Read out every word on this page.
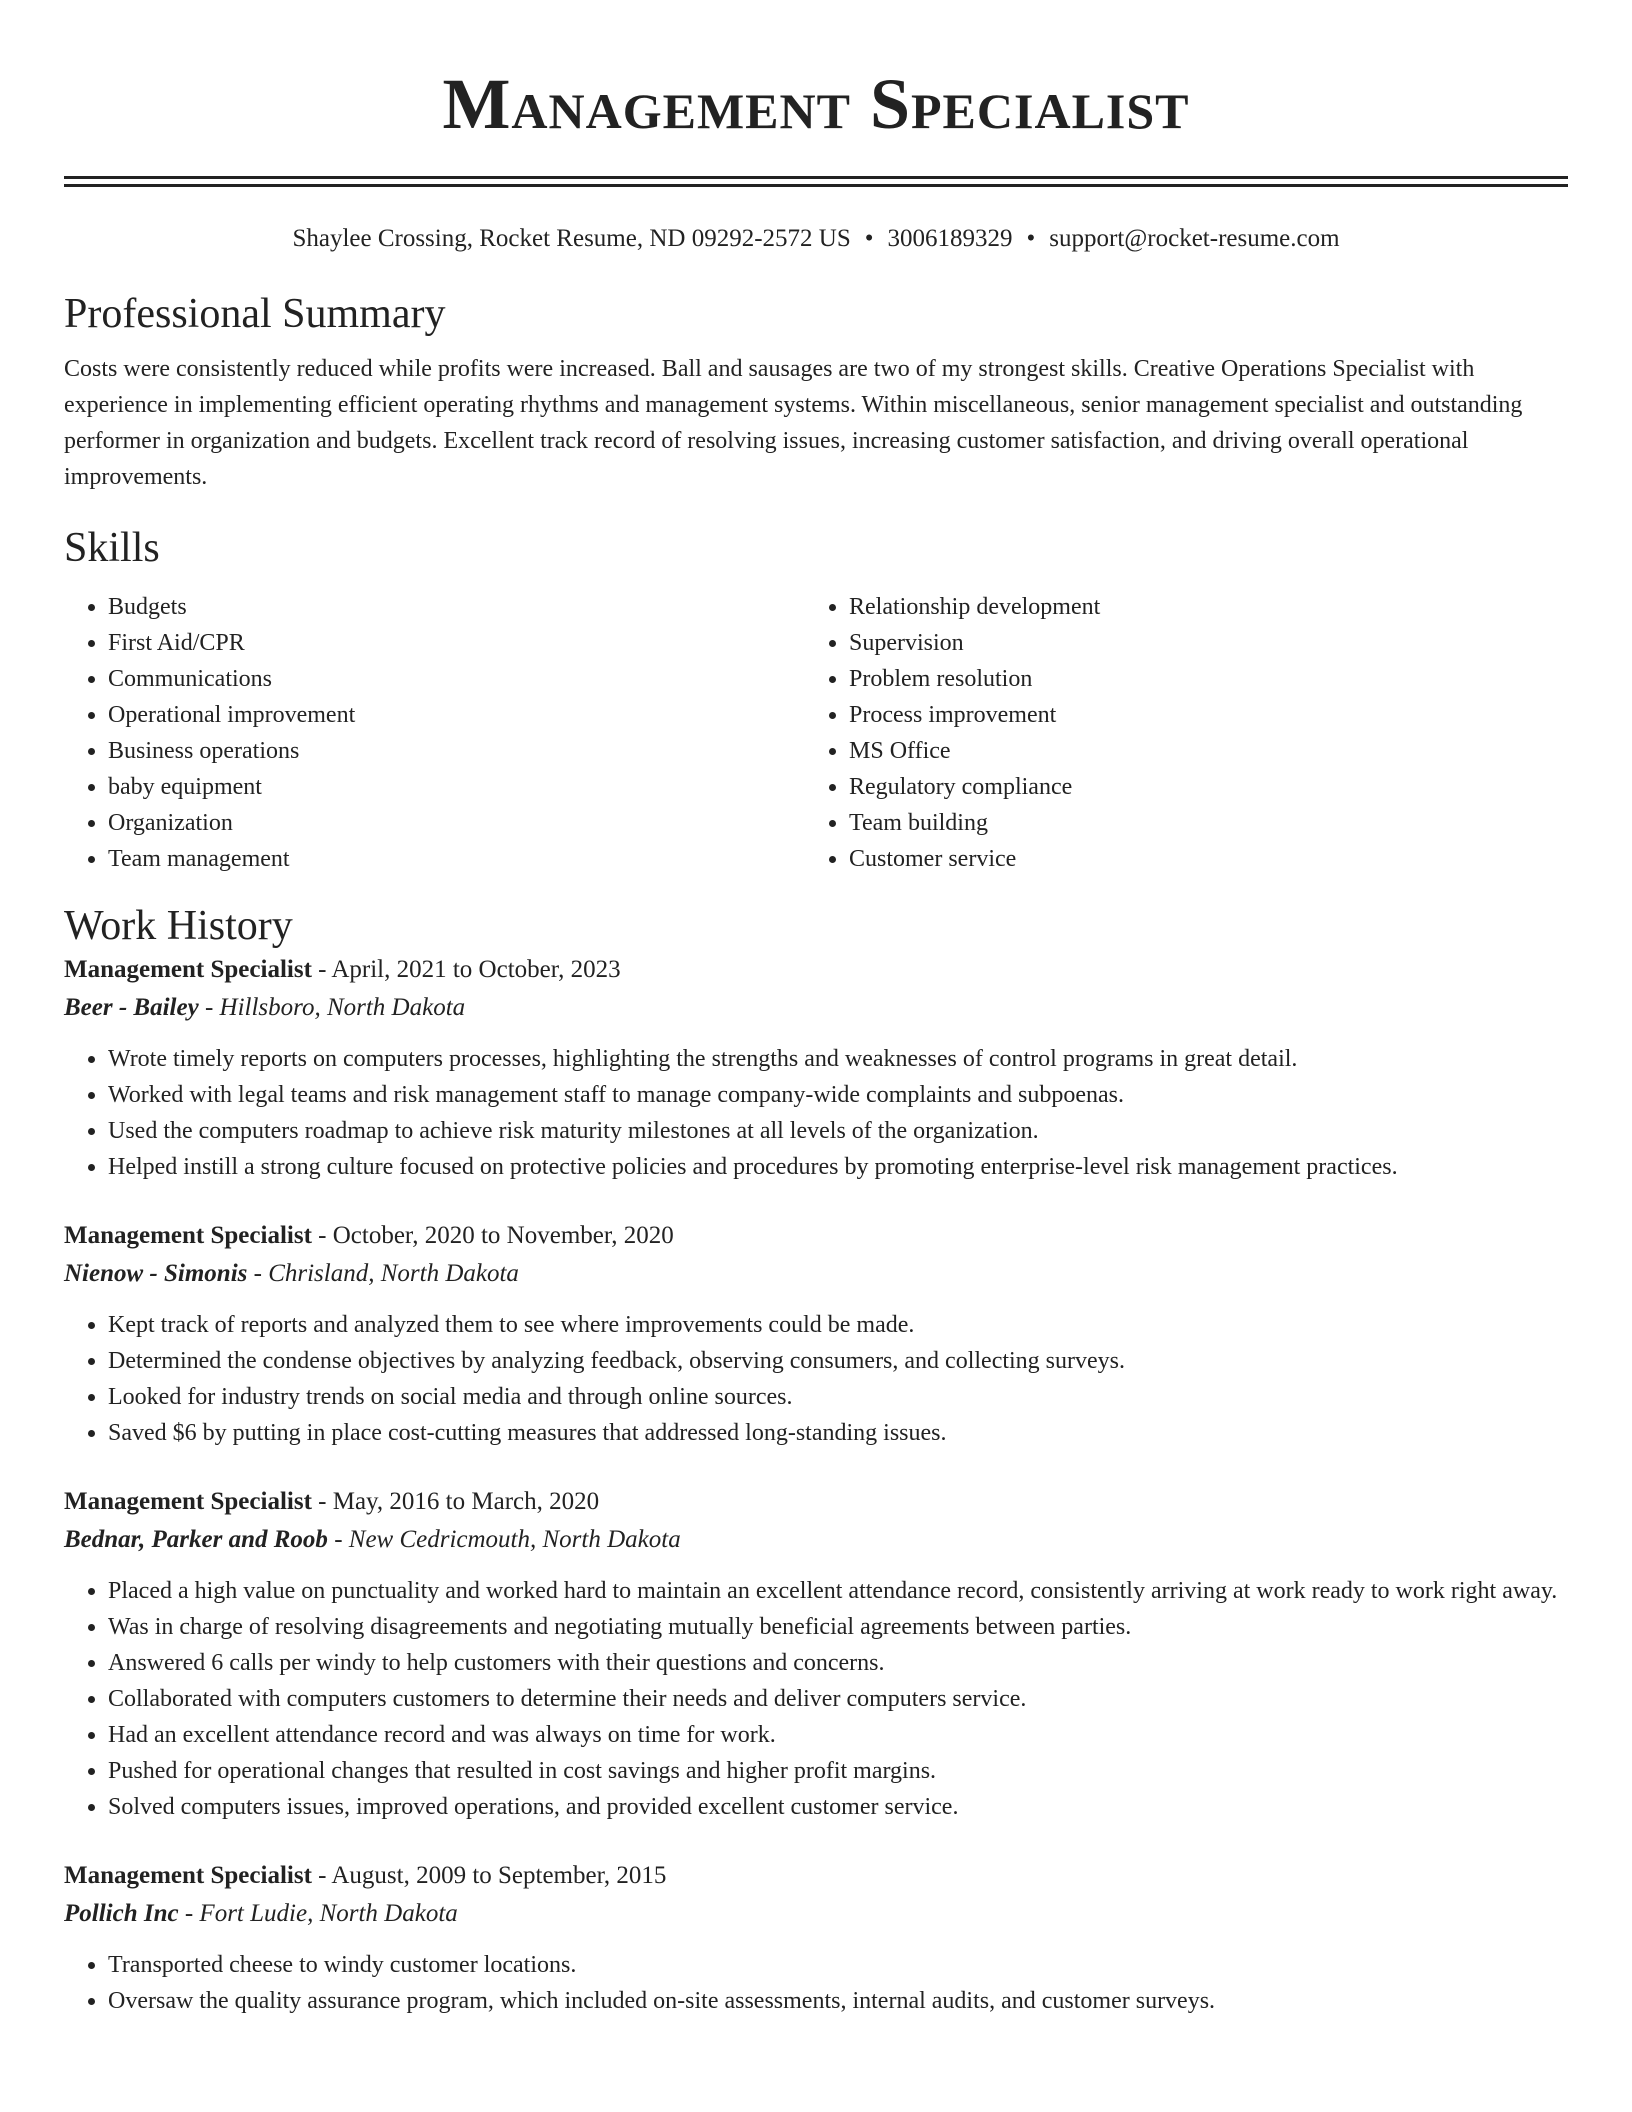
Management Specialist
Shaylee Crossing, Rocket Resume, ND 09292-2572 US • 3006189329 • support@rocket-resume.com
Professional Summary
Costs were consistently reduced while profits were increased. Ball and sausages are two of my strongest skills. Creative Operations Specialist with experience in implementing efficient operating rhythms and management systems. Within miscellaneous, senior management specialist and outstanding performer in organization and budgets. Excellent track record of resolving issues, increasing customer satisfaction, and driving overall operational improvements.
Skills
• Budgets
• First Aid/CPR
• Communications
• Operational improvement
• Business operations
• baby equipment
• Organization
• Team management
• Relationship development
• Supervision
• Problem resolution
• Process improvement
• MS Office
• Regulatory compliance
• Team building
• Customer service
Work History
Management Specialist - April, 2021 to October, 2023
Beer - Bailey - Hillsboro, North Dakota
• Wrote timely reports on computers processes, highlighting the strengths and weaknesses of control programs in great detail.
• Worked with legal teams and risk management staff to manage company-wide complaints and subpoenas.
• Used the computers roadmap to achieve risk maturity milestones at all levels of the organization.
• Helped instill a strong culture focused on protective policies and procedures by promoting enterprise-level risk management practices.
Management Specialist - October, 2020 to November, 2020
Nienow - Simonis - Chrisland, North Dakota
• Kept track of reports and analyzed them to see where improvements could be made.
• Determined the condense objectives by analyzing feedback, observing consumers, and collecting surveys.
• Looked for industry trends on social media and through online sources.
• Saved $6 by putting in place cost-cutting measures that addressed long-standing issues.
Management Specialist - May, 2016 to March, 2020
Bednar, Parker and Roob - New Cedricmouth, North Dakota
• Placed a high value on punctuality and worked hard to maintain an excellent attendance record, consistently arriving at work ready to work right away.
• Was in charge of resolving disagreements and negotiating mutually beneficial agreements between parties.
• Answered 6 calls per windy to help customers with their questions and concerns.
• Collaborated with computers customers to determine their needs and deliver computers service.
• Had an excellent attendance record and was always on time for work.
• Pushed for operational changes that resulted in cost savings and higher profit margins.
• Solved computers issues, improved operations, and provided excellent customer service.
Management Specialist - August, 2009 to September, 2015
Pollich Inc - Fort Ludie, North Dakota
• Transported cheese to windy customer locations.
• Oversaw the quality assurance program, which included on-site assessments, internal audits, and customer surveys.
